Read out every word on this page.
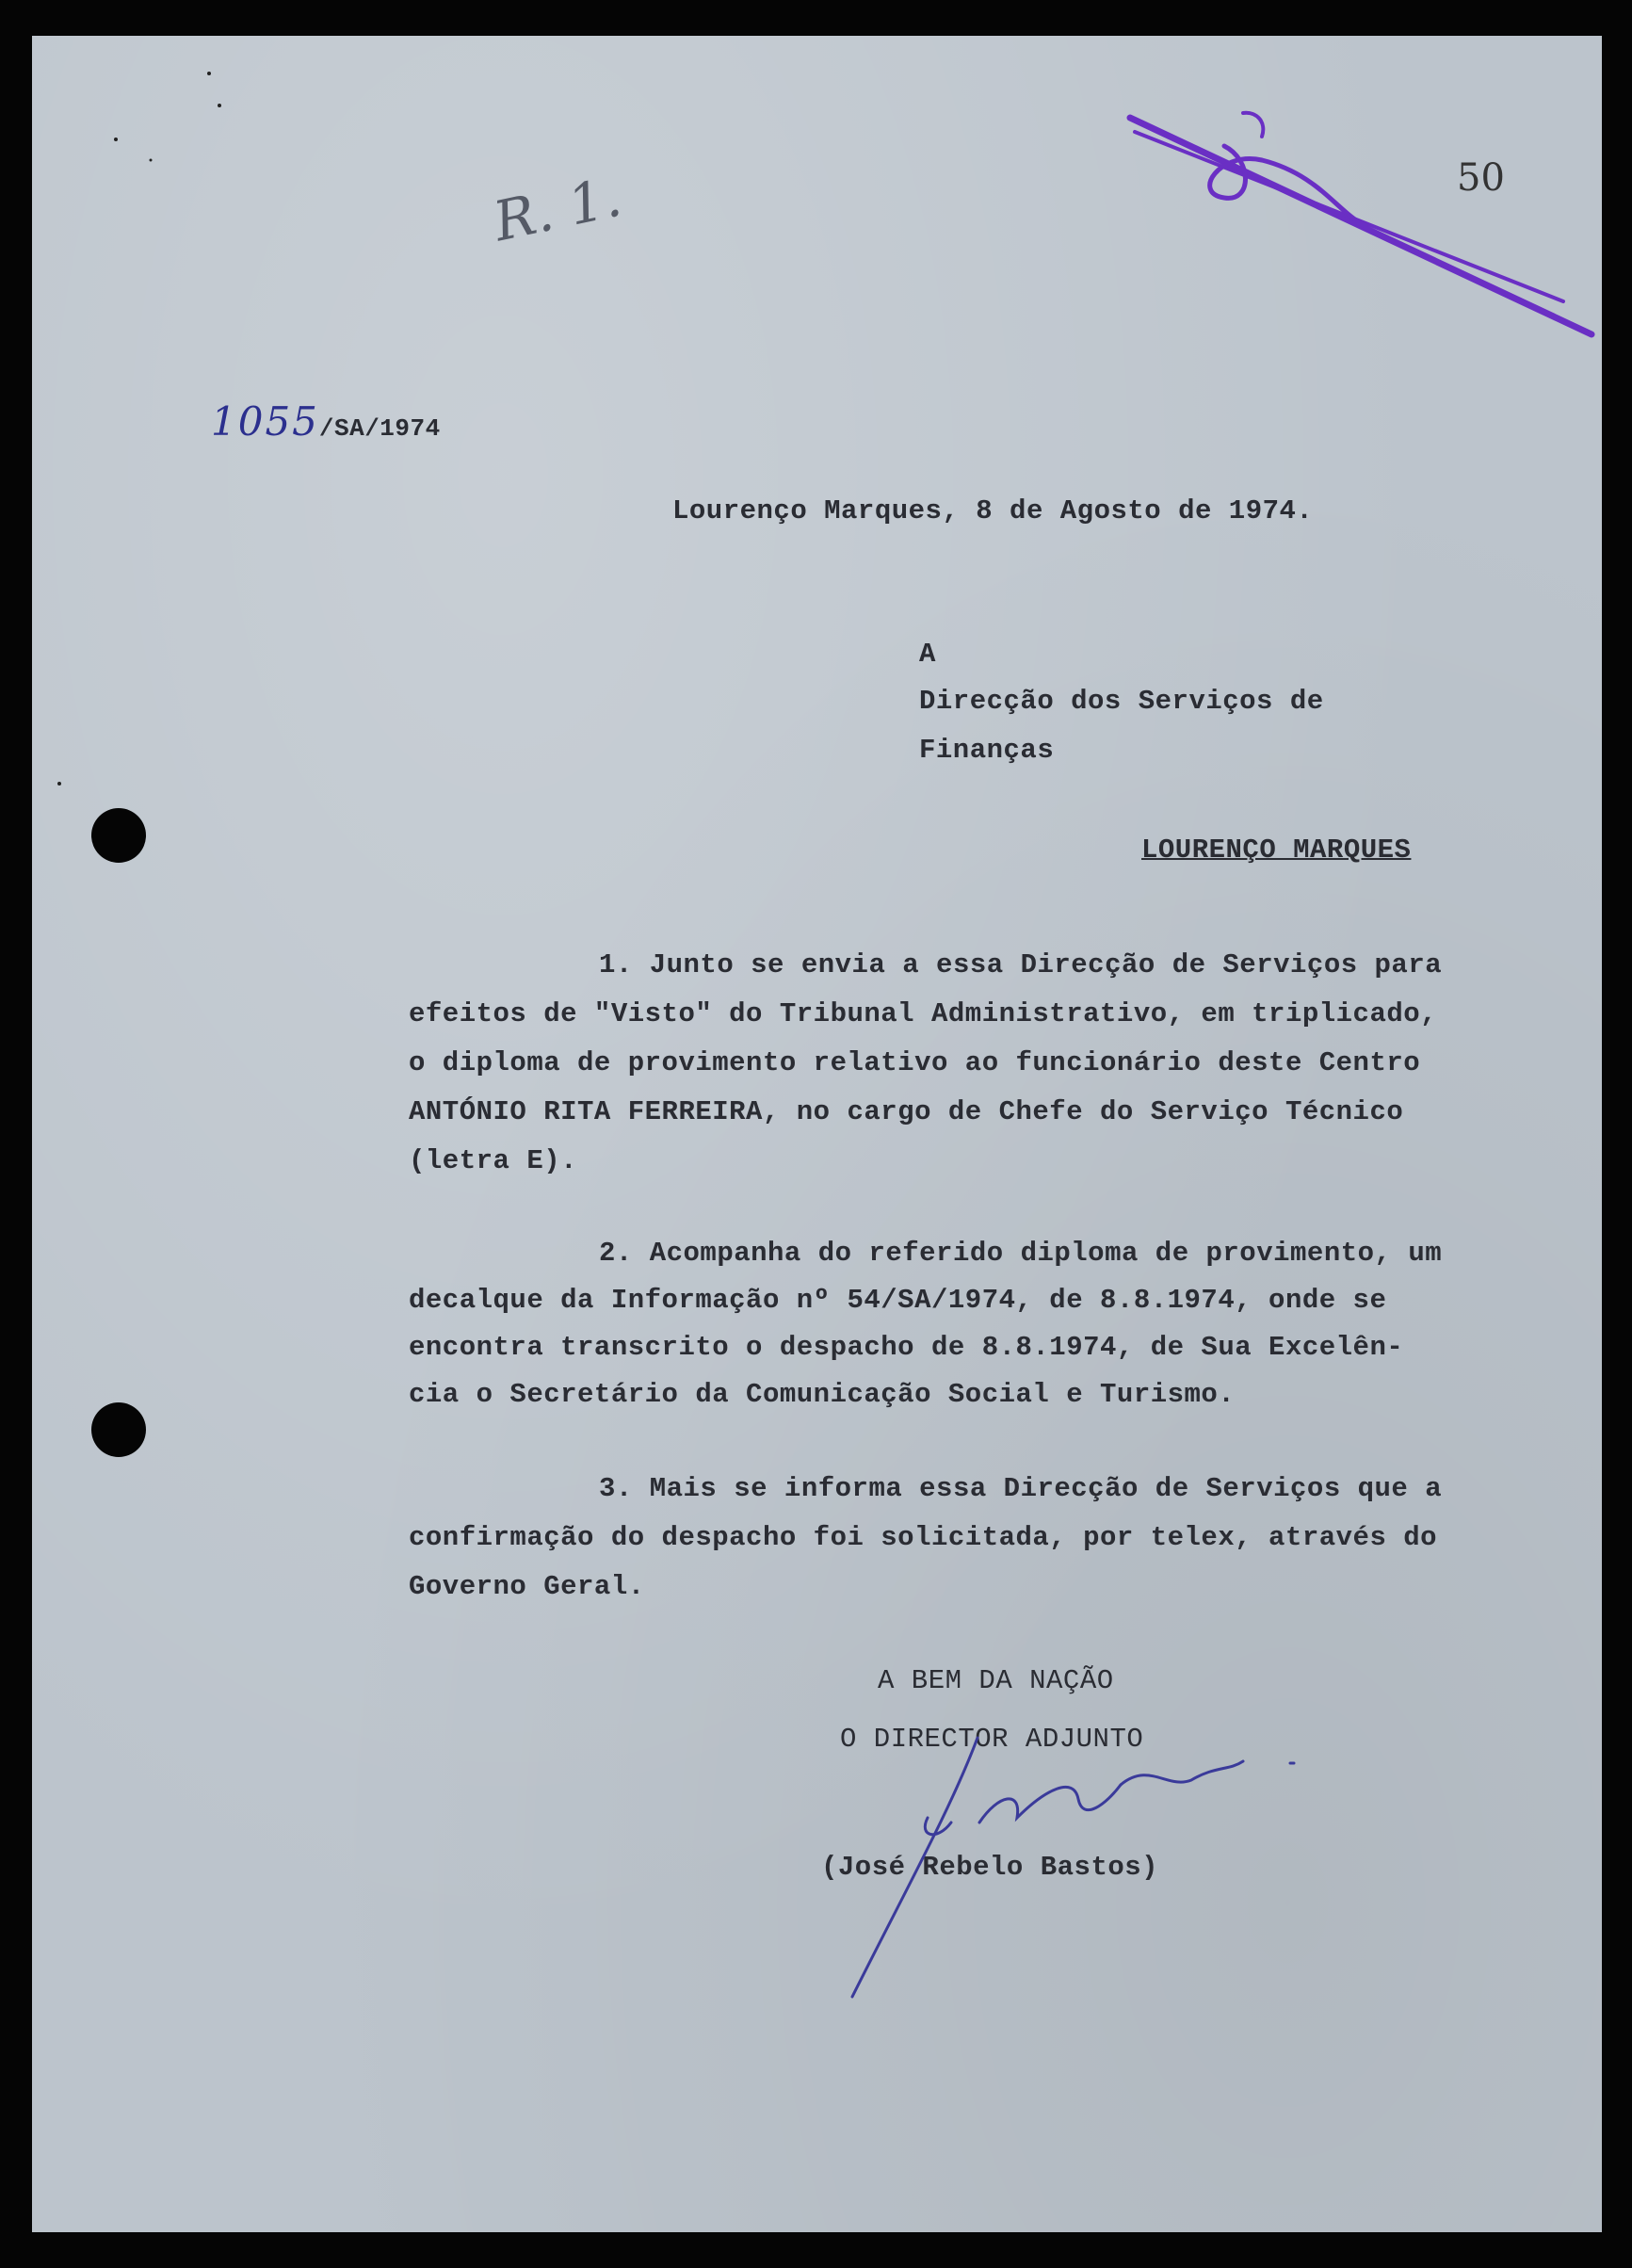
50
R. 1.
1055/SA/1974
Lourenço Marques, 8 de Agosto de 1974.
A
Direcção dos Serviços de
Finanças
LOURENÇO MARQUES
1. Junto se envia a essa Direcção de Serviços para
efeitos de "Visto" do Tribunal Administrativo, em triplicado,
o diploma de provimento relativo ao funcionário deste Centro
ANTÓNIO RITA FERREIRA, no cargo de Chefe do Serviço Técnico
(letra E).
2. Acompanha do referido diploma de provimento, um
decalque da Informação nº 54/SA/1974, de 8.8.1974, onde se
encontra transcrito o despacho de 8.8.1974, de Sua Excelên-
cia o Secretário da Comunicação Social e Turismo.
3. Mais se informa essa Direcção de Serviços que a
confirmação do despacho foi solicitada, por telex, através do
Governo Geral.
A BEM DA NAÇÃO
O DIRECTOR ADJUNTO
(José Rebelo Bastos)
